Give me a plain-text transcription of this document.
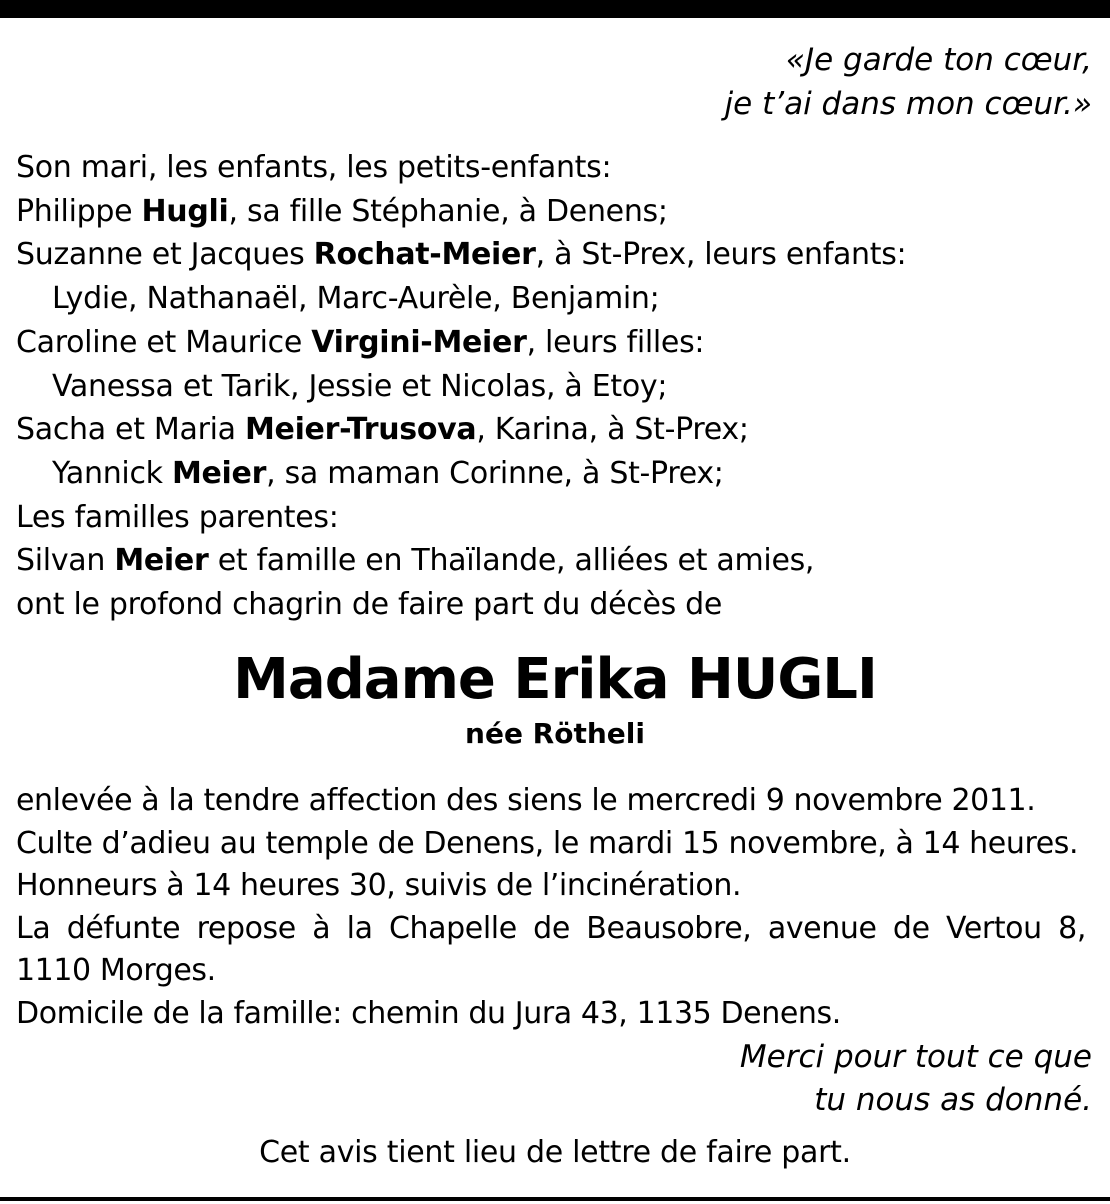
«Je garde ton cœur,
je t’ai dans mon cœur.»
Son mari, les enfants, les petits-enfants:
Philippe Hugli, sa fille Stéphanie, à Denens;
Suzanne et Jacques Rochat-Meier, à St-Prex, leurs enfants:
Lydie, Nathanaël, Marc-Aurèle, Benjamin;
Caroline et Maurice Virgini-Meier, leurs filles:
Vanessa et Tarik, Jessie et Nicolas, à Etoy;
Sacha et Maria Meier-Trusova, Karina, à St-Prex;
Yannick Meier, sa maman Corinne, à St-Prex;
Les familles parentes:
Silvan Meier et famille en Thaïlande, alliées et amies,
ont le profond chagrin de faire part du décès de
Madame Erika HUGLI
née Rötheli

enlevée à la tendre affection des siens le mercredi 9 novembre 2011.

Culte d’adieu au temple de Denens, le mardi 15 novembre, à 14 heures.

Honneurs à 14 heures 30, suivis de l’incinération.

La défunte repose à la Chapelle de Beausobre, avenue de Vertou 8, 1110 Morges.

Domicile de la famille: chemin du Jura 43, 1135 Denens.

Merci pour tout ce que
tu nous as donné.
Cet avis tient lieu de lettre de faire part.
